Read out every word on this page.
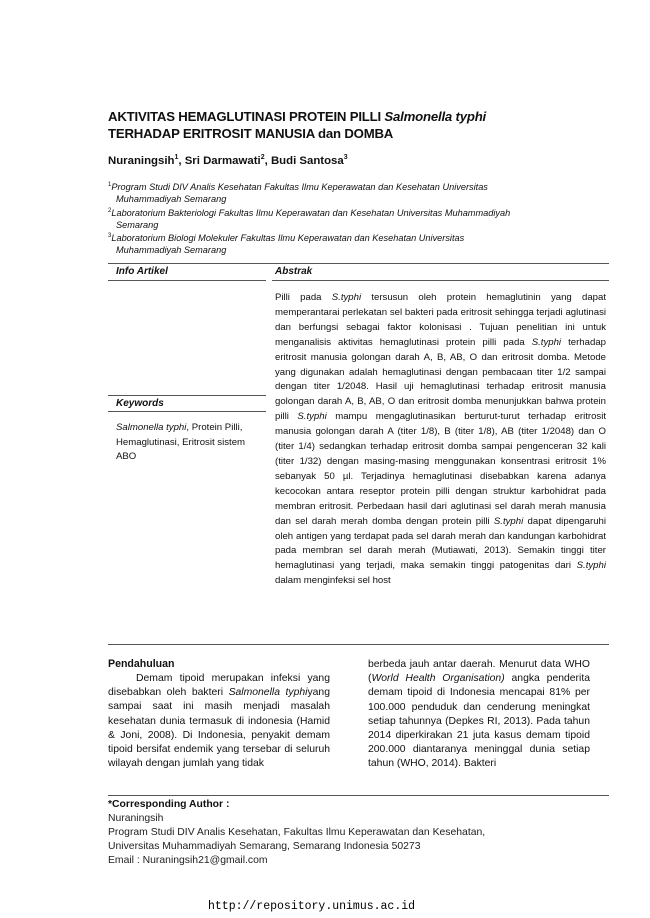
AKTIVITAS HEMAGLUTINASI PROTEIN PILLI Salmonella typhi
TERHADAP ERITROSIT MANUSIA dan DOMBA
Nuraningsih$^1$, Sri Darmawati$^2$, Budi Santosa$^3$
$^1$Program Studi DIV Analis Kesehatan Fakultas Ilmu Keperawatan dan Kesehatan Universitas
Muhammadiyah Semarang
$^2$Laboratorium Bakteriologi Fakultas Ilmu Keperawatan dan Kesehatan Universitas Muhammadiyah
Semarang
$^3$Laboratorium Biologi Molekuler Fakultas Ilmu Keperawatan dan Kesehatan Universitas
Muhammadiyah Semarang
Info Artikel	Abstrak

Pilli pada S.typhi tersusun oleh protein hemaglutinin yang dapat memperantarai perlekatan sel bakteri pada eritrosit sehingga terjadi aglutinasi dan berfungsi sebagai faktor kolonisasi . Tujuan penelitian ini untuk menganalisis aktivitas hemaglutinasi protein pilli pada S.typhi terhadap eritrosit manusia golongan darah A, B, AB, O dan eritrosit domba. Metode yang digunakan adalah hemaglutinasi dengan pembacaan titer 1/2 sampai dengan titer 1/2048. Hasil uji hemaglutinasi terhadap eritrosit manusia golongan darah A, B, AB, O dan eritrosit domba menunjukkan bahwa protein pilli S.typhi mampu mengaglutinasikan berturut-turut terhadap eritrosit manusia golongan darah A (titer 1/8), B (titer 1/8), AB (titer 1/2048) dan O (titer 1/4) sedangkan terhadap eritrosit domba sampai pengenceran 32 kali (titer 1/32) dengan masing-masing menggunakan konsentrasi eritrosit 1% sebanyak 50 µl. Terjadinya hemaglutinasi disebabkan karena adanya kecocokan antara reseptor protein pilli dengan struktur karbohidrat pada membran eritrosit. Perbedaan hasil dari aglutinasi sel darah merah manusia dan sel darah merah domba dengan protein pilli S.typhi dapat dipengaruhi oleh antigen yang terdapat pada sel darah merah dan kandungan karbohidrat pada membran sel darah merah (Mutiawati, 2013). Semakin tinggi titer hemaglutinasi yang terjadi, maka semakin tinggi patogenitas dari S.typhi dalam menginfeksi sel host

Keywords
Salmonella typhi, Protein Pilli, Hemaglutinasi, Eritrosit sistem ABO
Pendahuluan

Demam tipoid merupakan infeksi yang disebabkan oleh bakteri Salmonella typhiyang sampai saat ini masih menjadi masalah kesehatan dunia termasuk di indonesia (Hamid & Joni, 2008). Di Indonesia, penyakit demam tipoid bersifat endemik yang tersebar di seluruh wilayah dengan jumlah yang tidak

berbeda jauh antar daerah. Menurut data WHO (World Health Organisation) angka penderita demam tipoid di Indonesia mencapai 81% per 100.000 penduduk dan cenderung meningkat setiap tahunnya (Depkes RI, 2013). Pada tahun 2014 diperkirakan 21 juta kasus demam tipoid 200.000 diantaranya meninggal dunia setiap tahun (WHO, 2014). Bakteri

*Corresponding Author :
Nuraningsih
Program Studi DIV Analis Kesehatan, Fakultas Ilmu Keperawatan dan Kesehatan,
Universitas Muhammadiyah Semarang, Semarang Indonesia 50273
Email : Nuraningsih21@gmail.com
http://repository.unimus.ac.id
